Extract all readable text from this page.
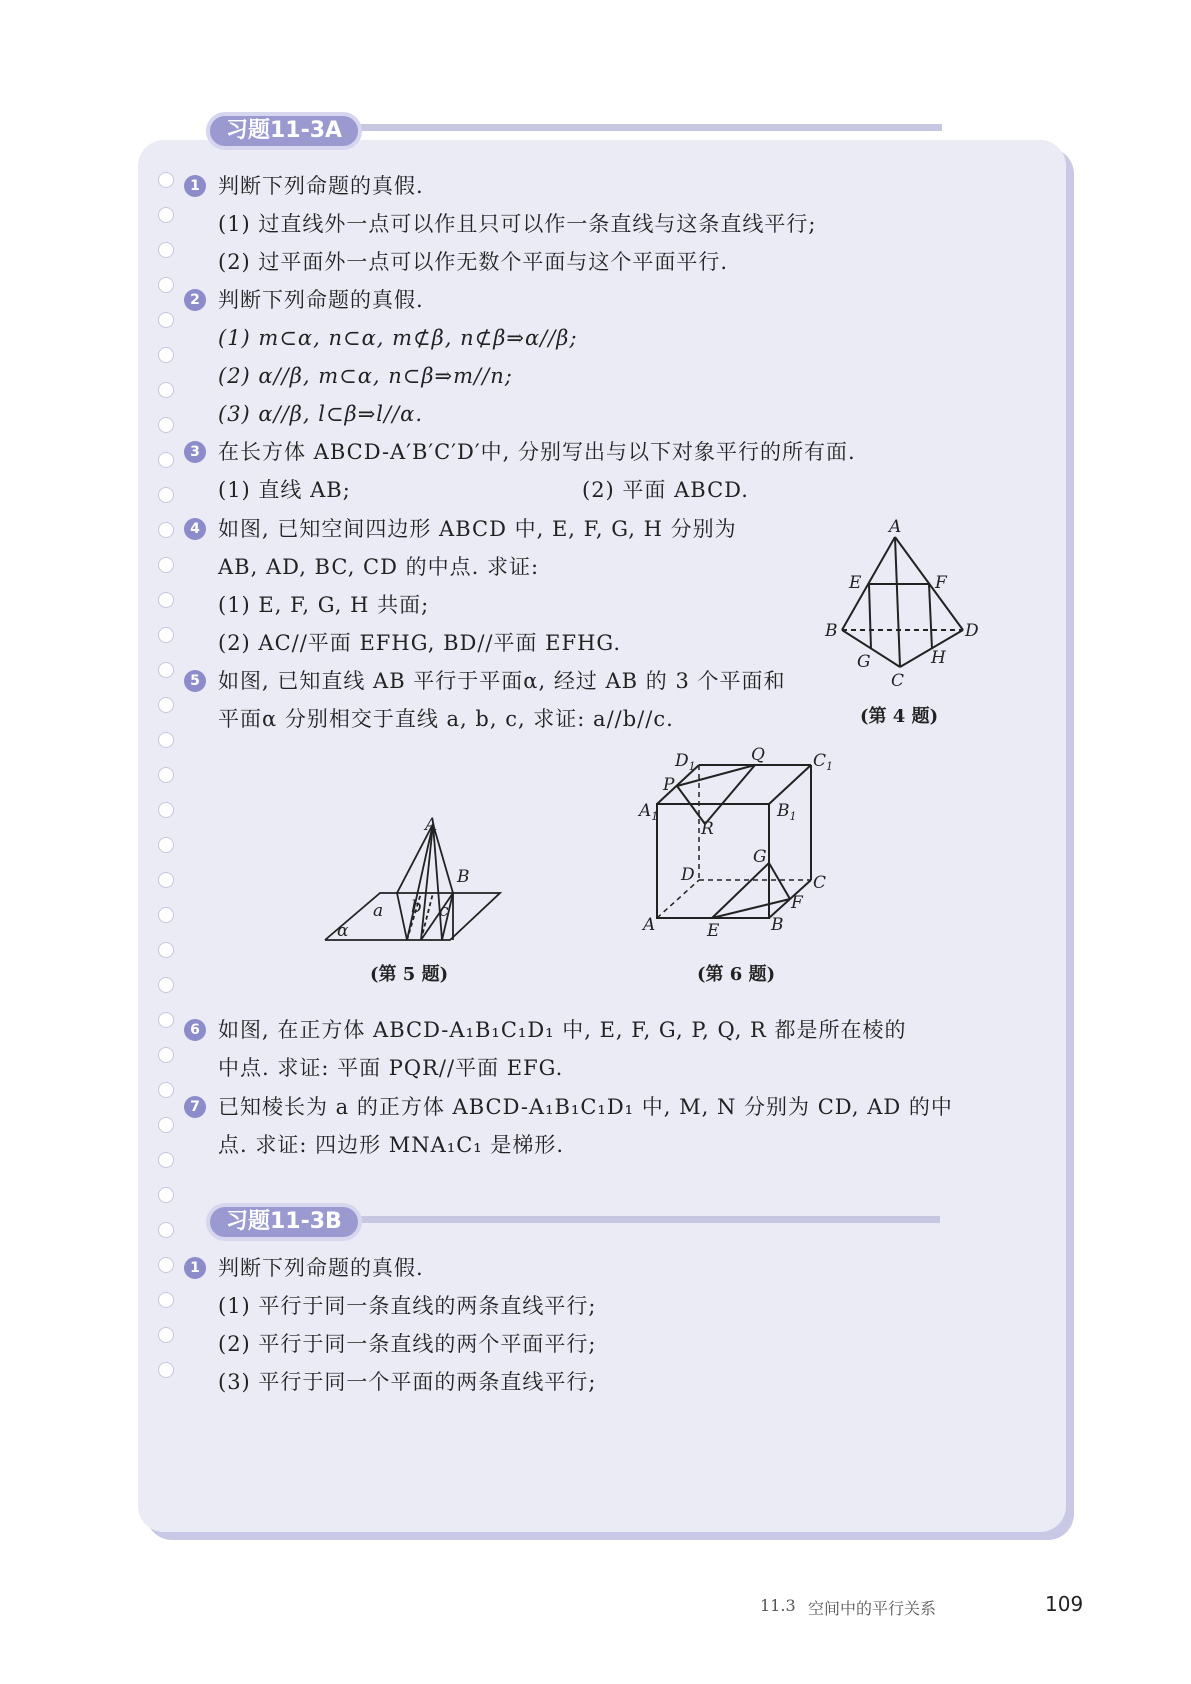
习题11-3A
1 判断下列命题的真假.
(1) 过直线外一点可以作且只可以作一条直线与这条直线平行;
(2) 过平面外一点可以作无数个平面与这个平面平行.
2 判断下列命题的真假.
(1) m⊂α, n⊂α, m⊄β, n⊄β⇒α//β;
(2) α//β, m⊂α, n⊂β⇒m//n;
(3) α//β, l⊂β⇒l//α.
3 在长方体 ABCD-A′B′C′D′中, 分别写出与以下对象平行的所有面.
(1) 直线 AB;	(2) 平面 ABCD.
4 如图, 已知空间四边形 ABCD 中, E, F, G, H 分别为
AB, AD, BC, CD 的中点. 求证:
(1) E, F, G, H 共面;
(2) AC//平面 EFHG, BD//平面 EFHG.
5 如图, 已知直线 AB 平行于平面α, 经过 AB 的 3 个平面和
平面α 分别相交于直线 a, b, c, 求证: a//b//c.
A
B
C
D
E	F
G	H
(第 4 题)
A
B
a b c
α
(第 5 题)
Q
P
R
G
D	C
F
A	E	B
$D_1$	$C_1$
$A_1$	$B_1$
(第 6 题)
6 如图, 在正方体 ABCD-A₁B₁C₁D₁ 中, E, F, G, P, Q, R 都是所在棱的
中点. 求证: 平面 PQR//平面 EFG.
7 已知棱长为 a 的正方体 ABCD-A₁B₁C₁D₁ 中, M, N 分别为 CD, AD 的中
点. 求证: 四边形 MNA₁C₁ 是梯形.
习题11-3B
1 判断下列命题的真假.
(1) 平行于同一条直线的两条直线平行;
(2) 平行于同一条直线的两个平面平行;
(3) 平行于同一个平面的两条直线平行;
11.3 空间中的平行关系	109
